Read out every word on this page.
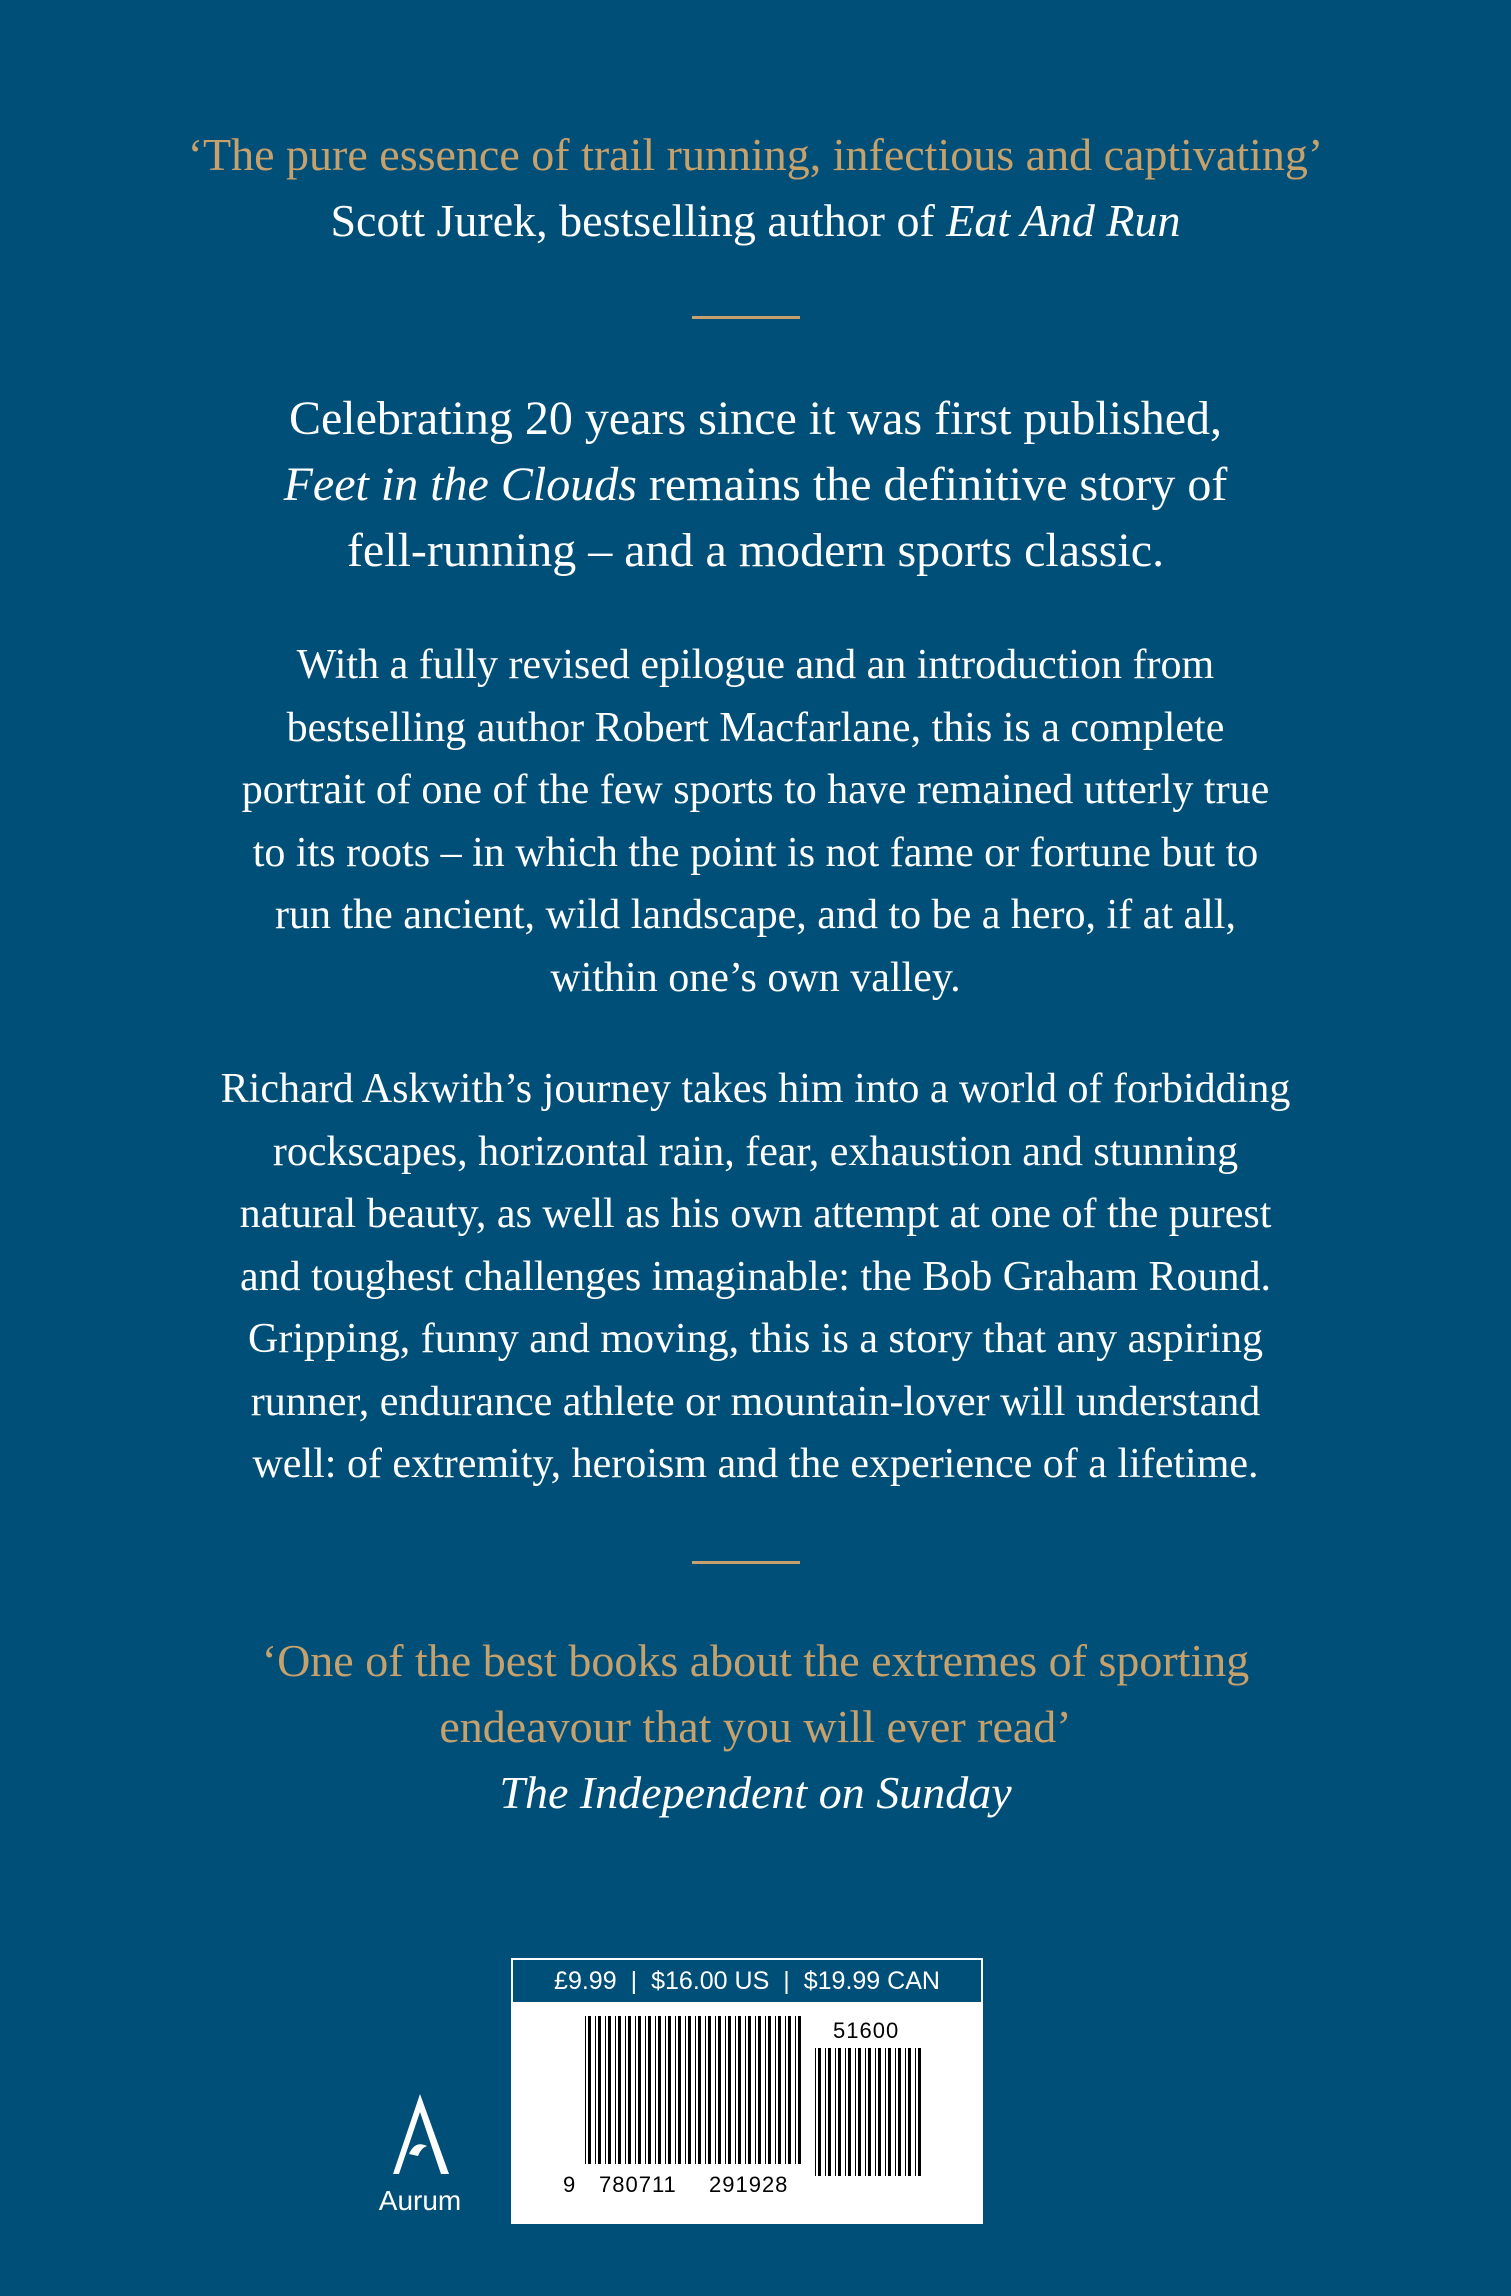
‘The pure essence of trail running, infectious and captivating’
Scott Jurek, bestselling author of Eat And Run
Celebrating 20 years since it was first published,
Feet in the Clouds remains the definitive story of
fell-running – and a modern sports classic.
With a fully revised epilogue and an introduction from
bestselling author Robert Macfarlane, this is a complete
portrait of one of the few sports to have remained utterly true
to its roots – in which the point is not fame or fortune but to
run the ancient, wild landscape, and to be a hero, if at all,
within one’s own valley.
Richard Askwith’s journey takes him into a world of forbidding
rockscapes, horizontal rain, fear, exhaustion and stunning
natural beauty, as well as his own attempt at one of the purest
and toughest challenges imaginable: the Bob Graham Round.
Gripping, funny and moving, this is a story that any aspiring
runner, endurance athlete or mountain-lover will understand
well: of extremity, heroism and the experience of a lifetime.
‘One of the best books about the extremes of sporting
endeavour that you will ever read’
The Independent on Sunday
Aurum
£9.99 | $16.00 US | $19.99 CAN
9 780711 291928
51600
